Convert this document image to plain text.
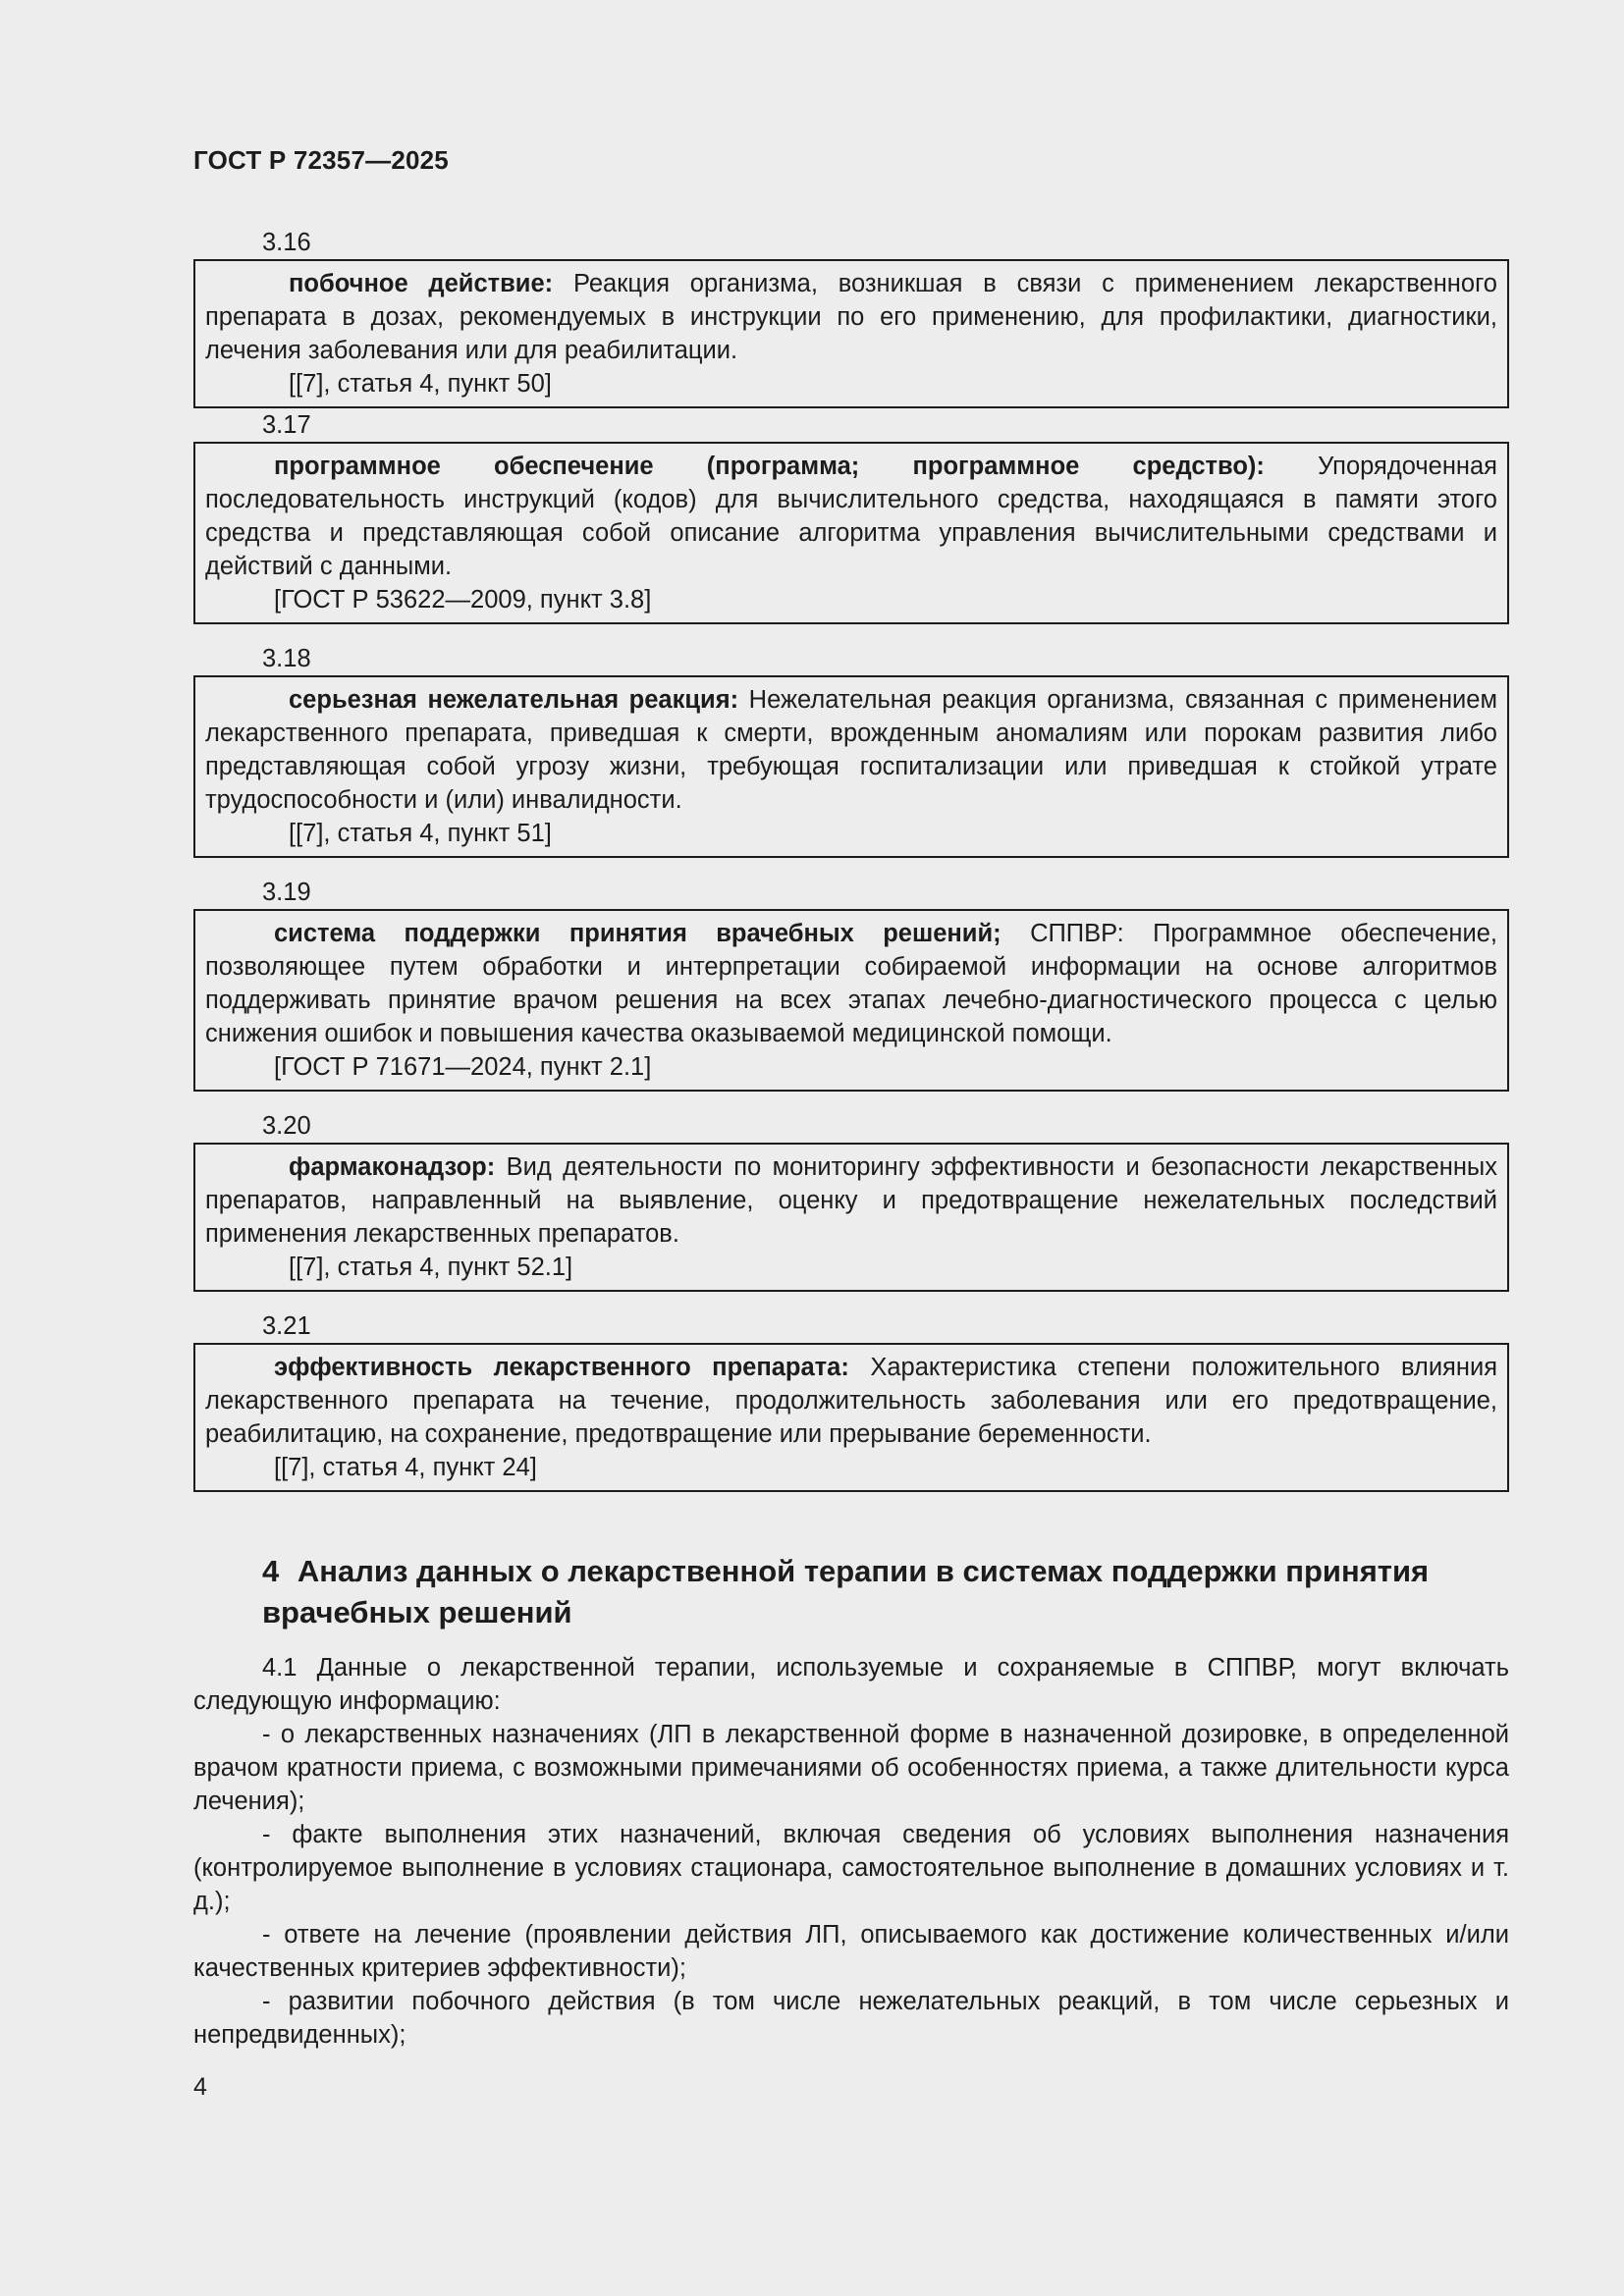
ГОСТ Р 72357—2025
3.16
побочное действие: Реакция организма, возникшая в связи с применением лекарственного препарата в дозах, рекомендуемых в инструкции по его применению, для профилактики, диагностики, лечения заболевания или для реабилитации.
[[7], статья 4, пункт 50]
3.17
программное обеспечение (программа; программное средство): Упорядоченная последовательность инструкций (кодов) для вычислительного средства, находящаяся в памяти этого средства и представляющая собой описание алгоритма управления вычислительными средствами и действий с данными.
[ГОСТ Р 53622—2009, пункт 3.8]
3.18
серьезная нежелательная реакция: Нежелательная реакция организма, связанная с применением лекарственного препарата, приведшая к смерти, врожденным аномалиям или порокам развития либо представляющая собой угрозу жизни, требующая госпитализации или приведшая к стойкой утрате трудоспособности и (или) инвалидности.
[[7], статья 4, пункт 51]
3.19
система поддержки принятия врачебных решений; СППВР: Программное обеспечение, позволяющее путем обработки и интерпретации собираемой информации на основе алгоритмов поддерживать принятие врачом решения на всех этапах лечебно-диагностического процесса с целью снижения ошибок и повышения качества оказываемой медицинской помощи.
[ГОСТ Р 71671—2024, пункт 2.1]
3.20
фармаконадзор: Вид деятельности по мониторингу эффективности и безопасности лекарственных препаратов, направленный на выявление, оценку и предотвращение нежелательных последствий применения лекарственных препаратов.
[[7], статья 4, пункт 52.1]
3.21
эффективность лекарственного препарата: Характеристика степени положительного влияния лекарственного препарата на течение, продолжительность заболевания или его предотвращение, реабилитацию, на сохранение, предотвращение или прерывание беременности.
[[7], статья 4, пункт 24]
4 Анализ данных о лекарственной терапии в системах поддержки принятия врачебных решений
4.1 Данные о лекарственной терапии, используемые и сохраняемые в СППВР, могут включать следующую информацию:
- о лекарственных назначениях (ЛП в лекарственной форме в назначенной дозировке, в определенной врачом кратности приема, с возможными примечаниями об особенностях приема, а также длительности курса лечения);
- факте выполнения этих назначений, включая сведения об условиях выполнения назначения (контролируемое выполнение в условиях стационара, самостоятельное выполнение в домашних условиях и т. д.);
- ответе на лечение (проявлении действия ЛП, описываемого как достижение количественных и/или качественных критериев эффективности);
- развитии побочного действия (в том числе нежелательных реакций, в том числе серьезных и непредвиденных);
4
